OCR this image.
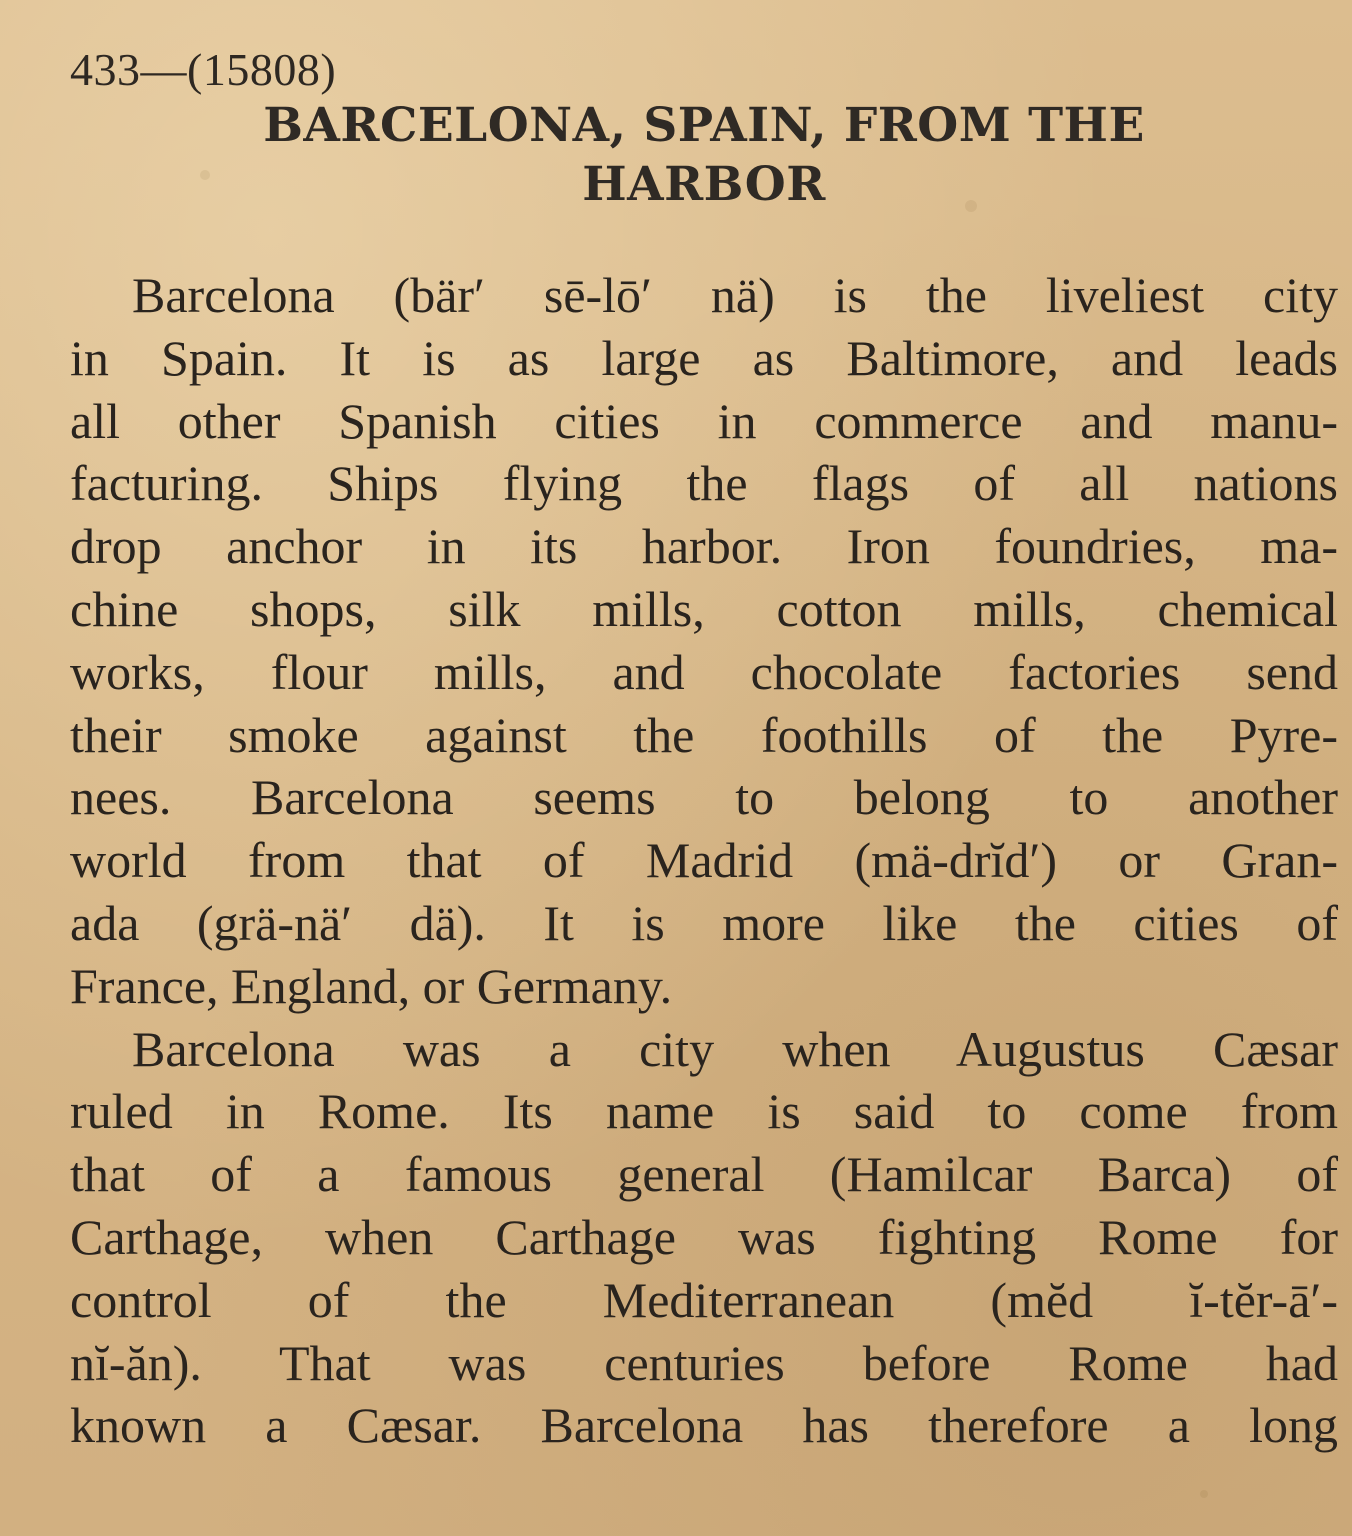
433—(15808)
BARCELONA, SPAIN, FROM THE
HARBOR
Barcelona (bär′ sē-lō′ nä) is the liveliest city
in Spain. It is as large as Baltimore, and leads
all other Spanish cities in commerce and manu-
facturing. Ships flying the flags of all nations
drop anchor in its harbor. Iron foundries, ma-
chine shops, silk mills, cotton mills, chemical
works, flour mills, and chocolate factories send
their smoke against the foothills of the Pyre-
nees. Barcelona seems to belong to another
world from that of Madrid (mä-drĭd′) or Gran-
ada (grä-nä′ dä). It is more like the cities of
France, England, or Germany.
Barcelona was a city when Augustus Cæsar
ruled in Rome. Its name is said to come from
that of a famous general (Hamilcar Barca) of
Carthage, when Carthage was fighting Rome for
control of the Mediterranean (mĕd ĭ-tĕr-ā′-
nĭ-ăn). That was centuries before Rome had
known a Cæsar. Barcelona has therefore a long
